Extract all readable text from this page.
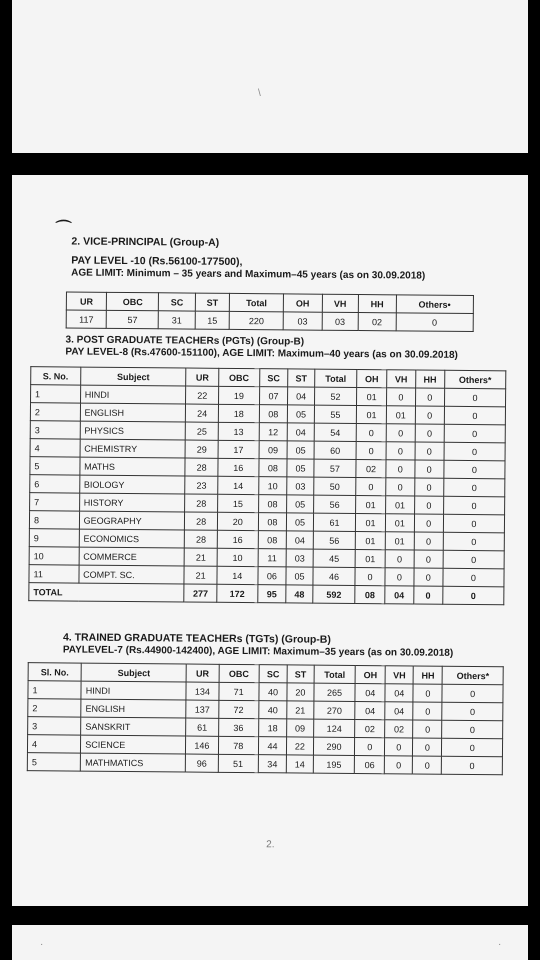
\
⌒
2. VICE-PRINCIPAL (Group-A)
PAY LEVEL -10 (Rs.56100-177500),
AGE LIMIT: Minimum – 35 years and Maximum–45 years (as on 30.09.2018)
UR	OBC	SC	ST	Total	OH	VH	HH	Others•
117	57	31	15	220	03	03	02	0
3. POST GRADUATE TEACHERs (PGTs) (Group-B)
PAY LEVEL-8 (Rs.47600-151100), AGE LIMIT: Maximum–40 years (as on 30.09.2018)
S. No.	Subject	UR	OBC	SC	ST	Total	OH	VH	HH	Others*
1	HINDI	22	19	07	04	52	01	0	0	0
2	ENGLISH	24	18	08	05	55	01	01	0	0
3	PHYSICS	25	13	12	04	54	0	0	0	0
4	CHEMISTRY	29	17	09	05	60	0	0	0	0
5	MATHS	28	16	08	05	57	02	0	0	0
6	BIOLOGY	23	14	10	03	50	0	0	0	0
7	HISTORY	28	15	08	05	56	01	01	0	0
8	GEOGRAPHY	28	20	08	05	61	01	01	0	0
9	ECONOMICS	28	16	08	04	56	01	01	0	0
10	COMMERCE	21	10	11	03	45	01	0	0	0
11	COMPT. SC.	21	14	06	05	46	0	0	0	0
TOTAL		277	172	95	48	592	08	04	0	0
4. TRAINED GRADUATE TEACHERs (TGTs) (Group-B)
PAYLEVEL-7 (Rs.44900-142400), AGE LIMIT: Maximum–35 years (as on 30.09.2018)
Sl. No.	Subject	UR	OBC	SC	ST	Total	OH	VH	HH	Others*
1	HINDI	134	71	40	20	265	04	04	0	0
2	ENGLISH	137	72	40	21	270	04	04	0	0
3	SANSKRIT	61	36	18	09	124	02	02	0	0
4	SCIENCE	146	78	44	22	290	0	0	0	0
5	MATHMATICS	96	51	34	14	195	06	0	0	0
2.
·	·
